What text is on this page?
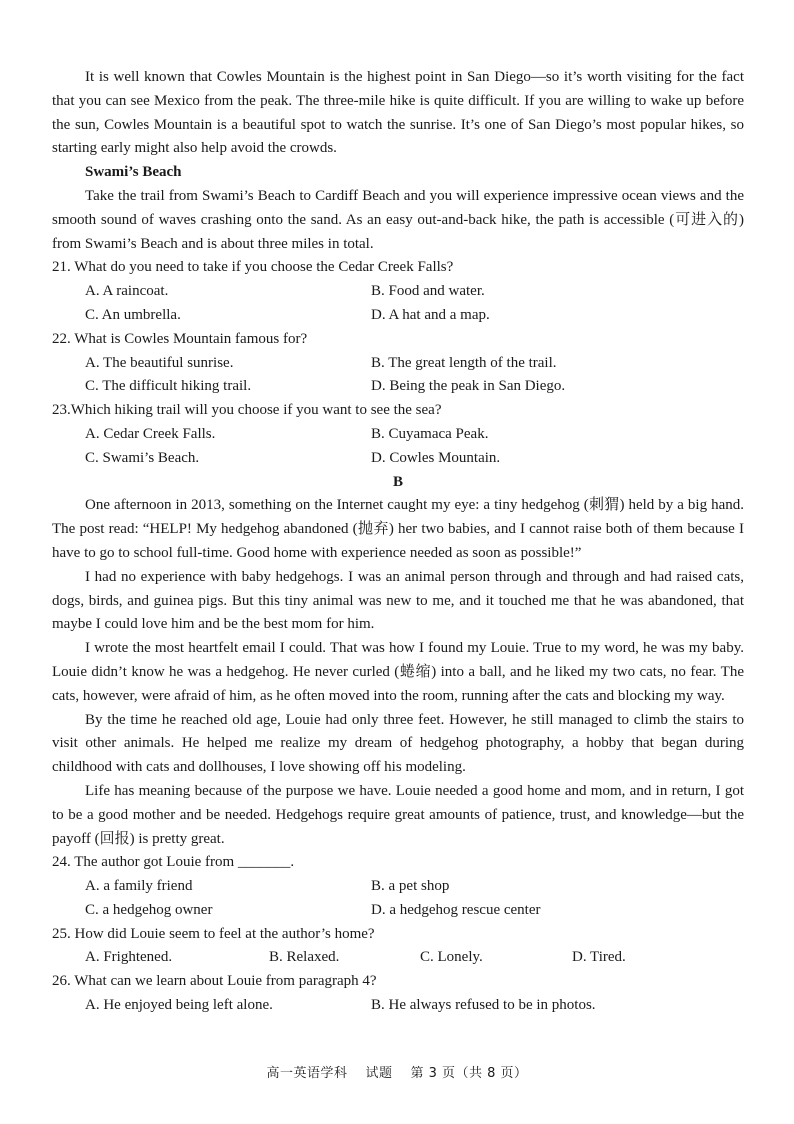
It is well known that Cowles Mountain is the highest point in San Diego—so it’s worth visiting for the fact that you can see Mexico from the peak. The three-mile hike is quite difficult. If you are willing to wake up before the sun, Cowles Mountain is a beautiful spot to watch the sunrise. It’s one of San Diego’s most popular hikes, so starting early might also help avoid the crowds.

Swami’s Beach

Take the trail from Swami’s Beach to Cardiff Beach and you will experience impressive ocean views and the smooth sound of waves crashing onto the sand. As an easy out-and-back hike, the path is accessible (可进入的) from Swami’s Beach and is about three miles in total.

21. What do you need to take if you choose the Cedar Creek Falls?

A. A raincoat.	B. Food and water.

C. An umbrella.	D. A hat and a map.

22. What is Cowles Mountain famous for?

A. The beautiful sunrise.	B. The great length of the trail.

C. The difficult hiking trail.	D. Being the peak in San Diego.

23.Which hiking trail will you choose if you want to see the sea?

A. Cedar Creek Falls.	B. Cuyamaca Peak.

C. Swami’s Beach.	D. Cowles Mountain.

B

One afternoon in 2013, something on the Internet caught my eye: a tiny hedgehog (刺猬) held by a big hand. The post read: “HELP! My hedgehog abandoned (抛弃) her two babies, and I cannot raise both of them because I have to go to school full-time. Good home with experience needed as soon as possible!”

I had no experience with baby hedgehogs. I was an animal person through and through and had raised cats, dogs, birds, and guinea pigs. But this tiny animal was new to me, and it touched me that he was abandoned, that maybe I could love him and be the best mom for him.

I wrote the most heartfelt email I could. That was how I found my Louie. True to my word, he was my baby. Louie didn’t know he was a hedgehog. He never curled (蜷缩) into a ball, and he liked my two cats, no fear. The cats, however, were afraid of him, as he often moved into the room, running after the cats and blocking my way.

By the time he reached old age, Louie had only three feet. However, he still managed to climb the stairs to visit other animals. He helped me realize my dream of hedgehog photography, a hobby that began during childhood with cats and dollhouses, I love showing off his modeling.

Life has meaning because of the purpose we have. Louie needed a good home and mom, and in return, I got to be a good mother and be needed. Hedgehogs require great amounts of patience, trust, and knowledge—but the payoff (回报) is pretty great.

24. The author got Louie from _______.

A. a family friend	B. a pet shop

C. a hedgehog owner	D. a hedgehog rescue center

25. How did Louie seem to feel at the author’s home?

A. Frightened.	B. Relaxed.	C. Lonely.	D. Tired.

26. What can we learn about Louie from paragraph 4?

A. He enjoyed being left alone.	B. He always refused to be in photos.

高一英语学科 试题 第 3 页（共 8 页）
